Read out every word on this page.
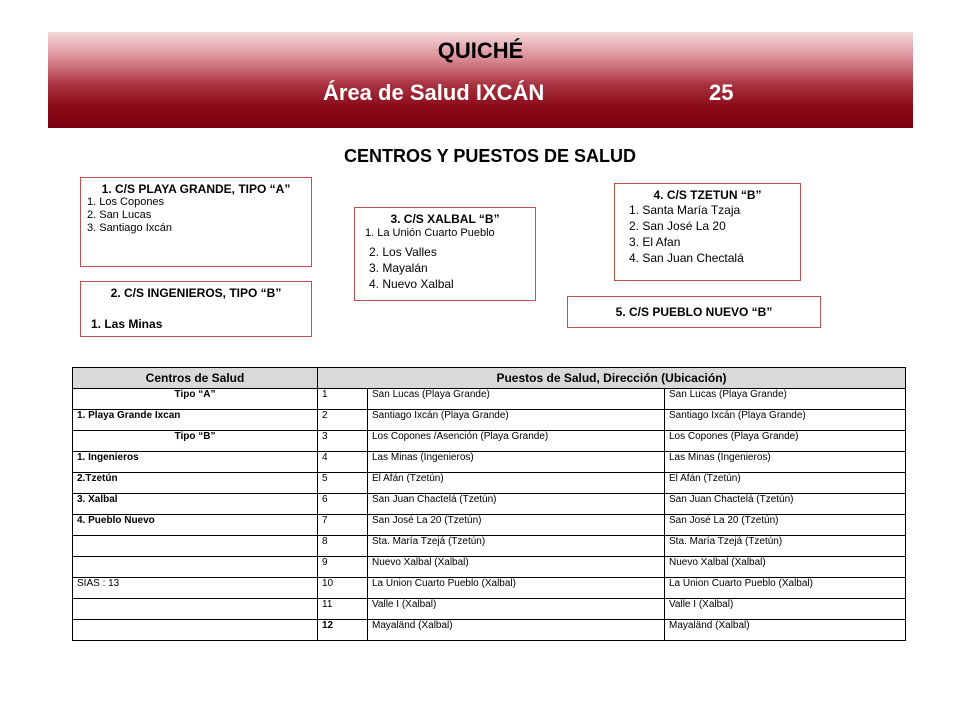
QUICHÉ
Área de Salud IXCÁN	25
CENTROS Y PUESTOS DE SALUD
1. C/S PLAYA GRANDE, TIPO “A”
1. Los Copones
2. San Lucas
3. Santiago Ixcán
2. C/S INGENIEROS, TIPO “B”
1. Las Minas
3. C/S XALBAL “B”
1. La Unión Cuarto Pueblo
2. Los Valles
3. Mayalán
4. Nuevo Xalbal
4. C/S TZETUN “B”
1. Santa María Tzaja
2. San José La 20
3. El Afan
4. San Juan Chectalá
5. C/S PUEBLO NUEVO “B”
Centros de Salud	Puestos de Salud, Dirección (Ubicación)		
Tipo “A”	1	San Lucas (Playa Grande)	San Lucas (Playa Grande)
1. Playa Grande Ixcan	2	Santiago Ixcán (Playa Grande)	Santiago Ixcán (Playa Grande)
Tipo “B”	3	Los Copones /Asención (Playa Grande)	Los Copones (Playa Grande)
1. Ingenieros	4	Las Minas (Ingenieros)	Las Minas (Ingenieros)
2.Tzetún	5	El Afán (Tzetún)	El Afán (Tzetún)
3. Xalbal	6	San Juan Chactelá (Tzetún)	San Juan Chactelá (Tzetún)
4. Pueblo Nuevo	7	San José La 20 (Tzetún)	San José La 20 (Tzetún)
	8	Sta. María Tzejá (Tzetún)	Sta. María Tzejá (Tzetún)
	9	Nuevo Xalbal (Xalbal)	Nuevo Xalbal (Xalbal)
SIAS : 13	10	La Union Cuarto Pueblo (Xalbal)	La Union Cuarto Pueblo (Xalbal)
	11	Valle I (Xalbal)	Valle I (Xalbal)
	12	Mayaländ (Xalbal)	Mayaländ (Xalbal)
